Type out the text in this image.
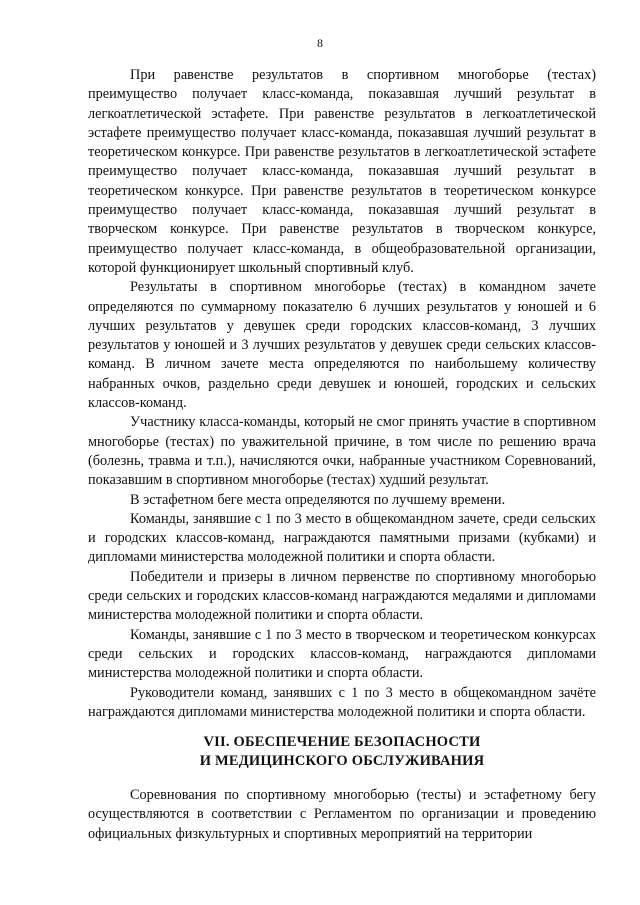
8

При равенстве результатов в спортивном многоборье (тестах) преимущество получает класс-команда, показавшая лучший результат в легкоатлетической эстафете. При равенстве результатов в легкоатлетической эстафете преимущество получает класс-команда, показавшая лучший результат в теоретическом конкурсе. При равенстве результатов в легкоатлетической эстафете преимущество получает класс-команда, показавшая лучший результат в теоретическом конкурсе. При равенстве результатов в теоретическом конкурсе преимущество получает класс-команда, показавшая лучший результат в творческом конкурсе. При равенстве результатов в творческом конкурсе, преимущество получает класс-команда, в общеобразовательной организации, которой функционирует школьный спортивный клуб.

Результаты в спортивном многоборье (тестах) в командном зачете определяются по суммарному показателю 6 лучших результатов у юношей и 6 лучших результатов у девушек среди городских классов-команд, 3 лучших результатов у юношей и 3 лучших результатов у девушек среди сельских классов-команд. В личном зачете места определяются по наибольшему количеству набранных очков, раздельно среди девушек и юношей, городских и сельских классов-команд.

Участнику класса-команды, который не смог принять участие в спортивном многоборье (тестах) по уважительной причине, в том числе по решению врача (болезнь, травма и т.п.), начисляются очки, набранные участником Соревнований, показавшим в спортивном многоборье (тестах) худший результат.

В эстафетном беге места определяются по лучшему времени.

Команды, занявшие с 1 по 3 место в общекомандном зачете, среди сельских и городских классов-команд, награждаются памятными призами (кубками) и дипломами министерства молодежной политики и спорта области.

Победители и призеры в личном первенстве по спортивному многоборью среди сельских и городских классов-команд награждаются медалями и дипломами министерства молодежной политики и спорта области.

Команды, занявшие с 1 по 3 место в творческом и теоретическом конкурсах среди сельских и городских классов-команд, награждаются дипломами министерства молодежной политики и спорта области.

Руководители команд, занявших с 1 по 3 место в общекомандном зачёте награждаются дипломами министерства молодежной политики и спорта области.

VII. ОБЕСПЕЧЕНИЕ БЕЗОПАСНОСТИ
И МЕДИЦИНСКОГО ОБСЛУЖИВАНИЯ

Соревнования по спортивному многоборью (тесты) и эстафетному бегу осуществляются в соответствии с Регламентом по организации и проведению официальных физкультурных и спортивных мероприятий на территории
